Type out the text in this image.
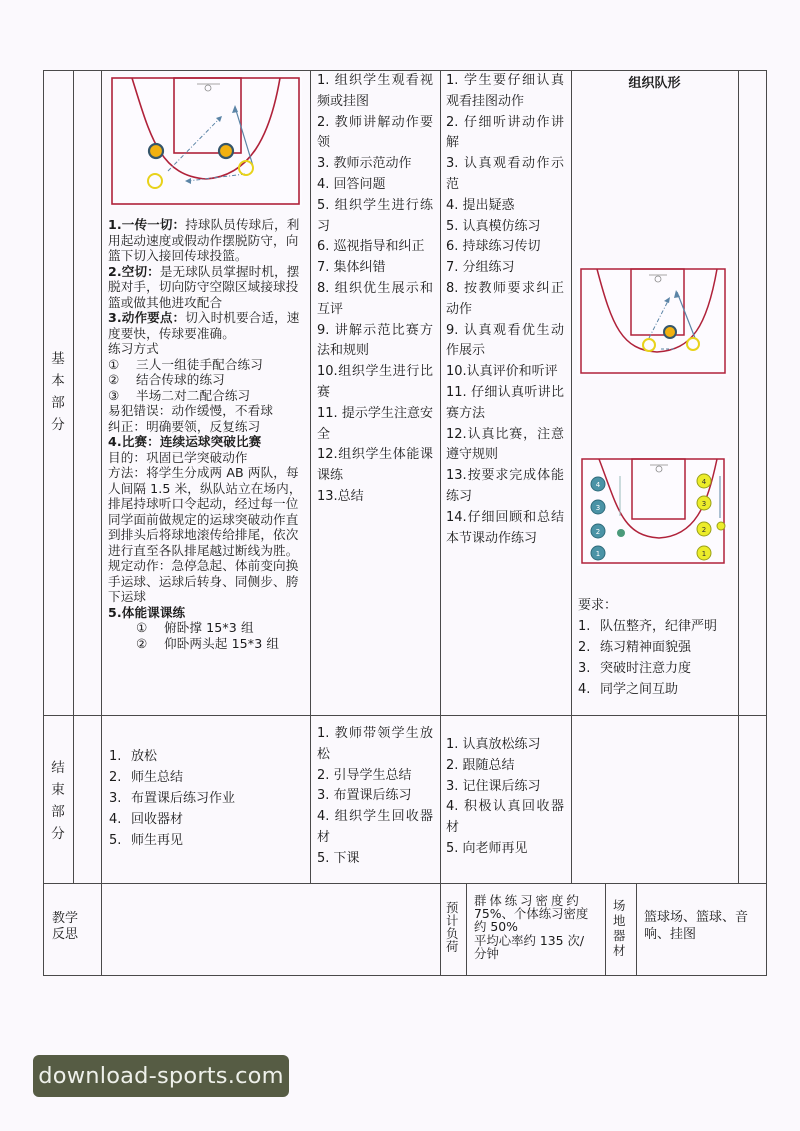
基本部分
结束部分
教学反思
1.一传一切：持球队员传球后，利用起动速度或假动作摆脱防守，向篮下切入接回传球投篮。
2.空切：是无球队员掌握时机，摆脱对手，切向防守空隙区域接球投篮或做其他进攻配合
3.动作要点：切入时机要合适，速度要快，传球要准确。
练习方式
① 三人一组徒手配合练习
② 结合传球的练习
③ 半场二对二配合练习
易犯错误：动作缓慢，不看球
纠正：明确要领，反复练习
4.比赛：连续运球突破比赛
目的：巩固已学突破动作
方法：将学生分成两 AB 两队，每人间隔 1.5 米，纵队站立在场内，排尾持球听口令起动，经过每一位同学面前做规定的运球突破动作直到排头后将球地滚传给排尾，依次进行直至各队排尾越过断线为胜。
规定动作：急停急起、体前变向换手运球、运球后转身、同侧步、胯下运球
5.体能课课练
① 俯卧撑 15*3 组
② 仰卧两头起 15*3 组
1. 组织学生观看视频或挂图
2. 教师讲解动作要领
3. 教师示范动作
4. 回答问题
5. 组织学生进行练习
6. 巡视指导和纠正
7. 集体纠错
8. 组织优生展示和互评
9. 讲解示范比赛方法和规则
10.组织学生进行比赛
11. 提示学生注意安全
12.组织学生体能课课练
13.总结
1. 学生要仔细认真观看挂图动作
2. 仔细听讲动作讲解
3. 认真观看动作示范
4. 提出疑惑
5. 认真模仿练习
6. 持球练习传切
7. 分组练习
8. 按教师要求纠正动作
9. 认真观看优生动作展示
10.认真评价和听评
11. 仔细认真听讲比赛方法
12.认真比赛，注意遵守规则
13.按要求完成体能练习
14.仔细回顾和总结本节课动作练习
组织队形
4
3
2
1
4
3
2
1
要求：
1. 队伍整齐，纪律严明
2. 练习精神面貌强
3. 突破时注意力度
4. 同学之间互助
1. 放松
2. 师生总结
3. 布置课后练习作业
4. 回收器材
5. 师生再见
1. 教师带领学生放松
2. 引导学生总结
3. 布置课后练习
4. 组织学生回收器材
5. 下课
1. 认真放松练习
2. 跟随总结
3. 记住课后练习
4. 积极认真回收器材
5. 向老师再见
预计负荷
群体练习密度约
75%、个体练习密度
约 50%
平均心率约 135 次/
分钟
场地器材
篮球场、篮球、音响、挂图
download-sports.com
